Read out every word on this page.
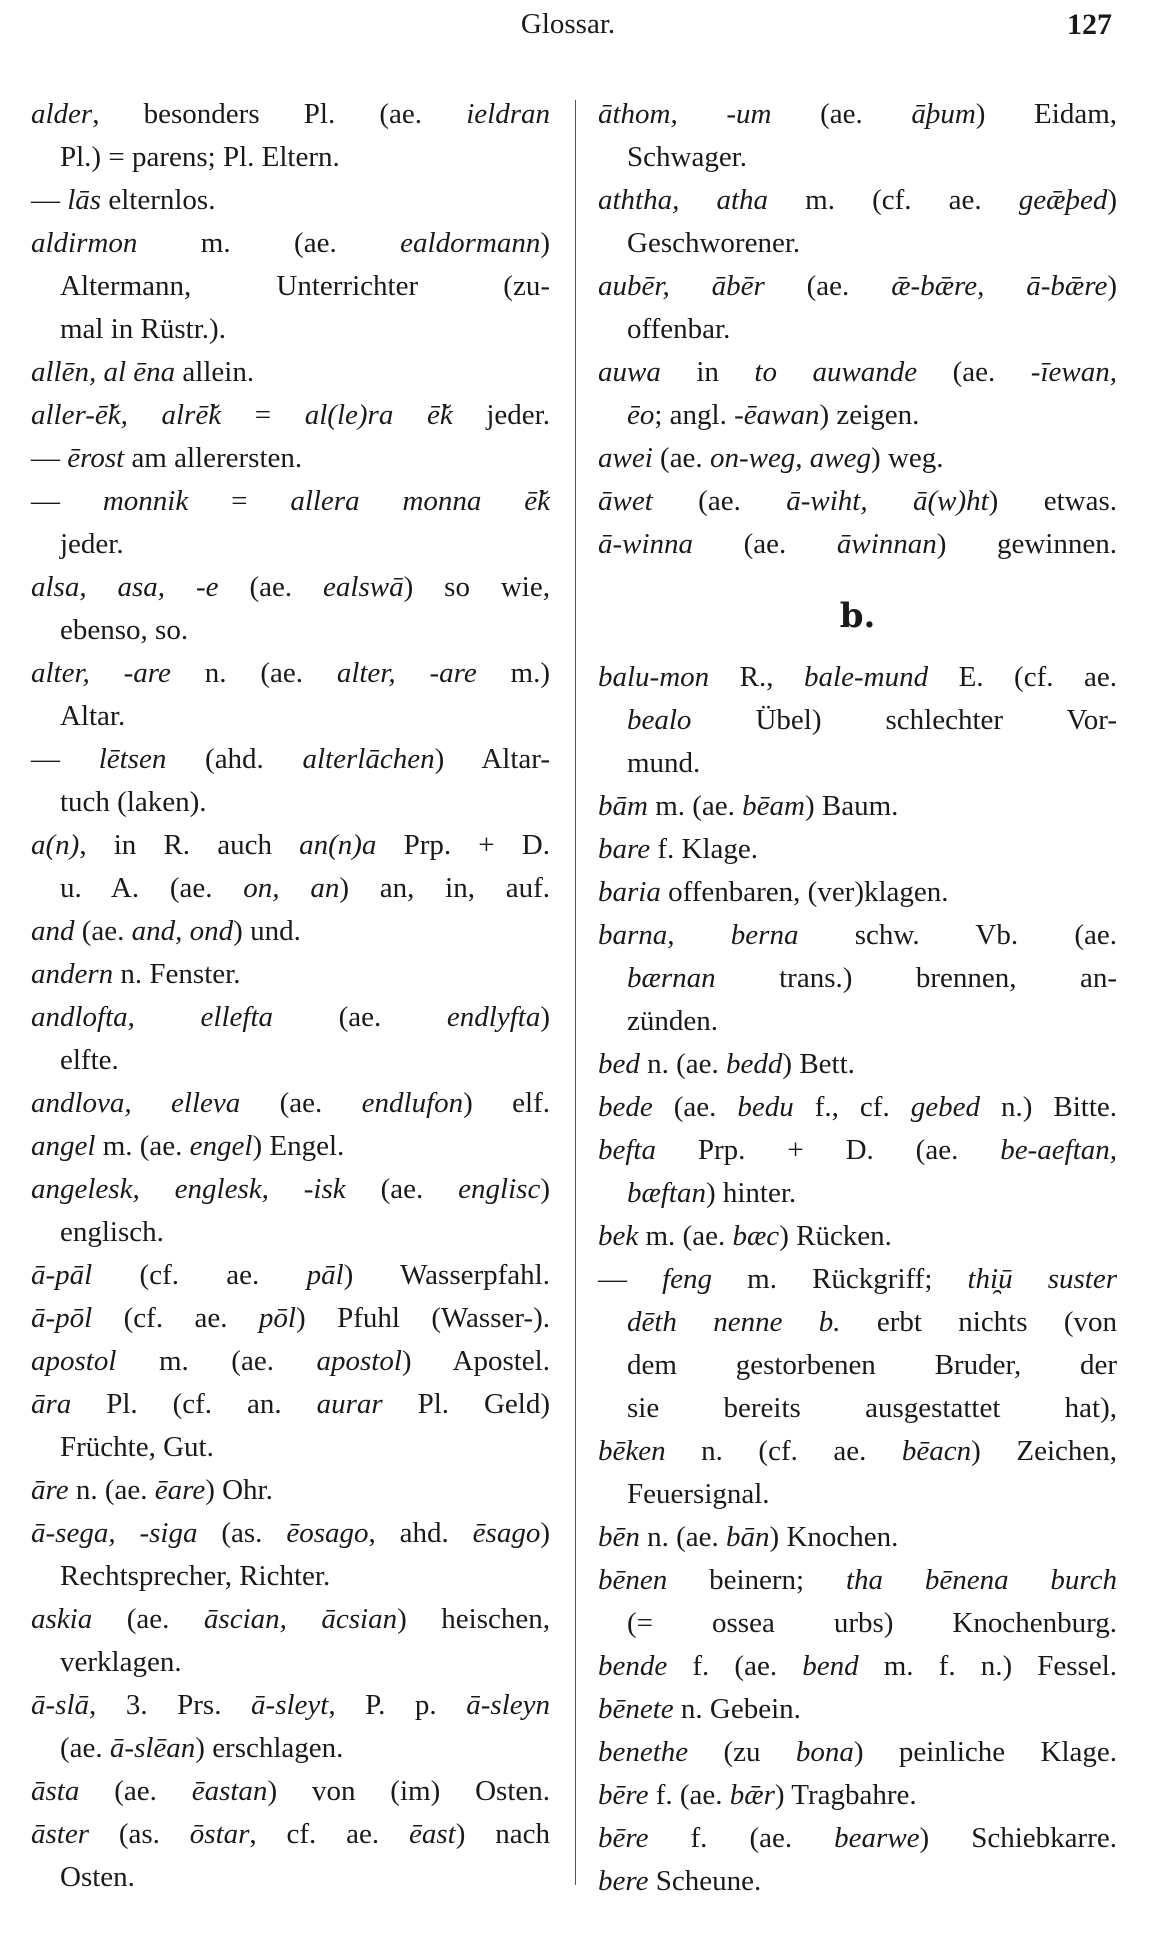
Glossar.	127
alder, besonders Pl. (ae. ieldran
Pl.) = parens; Pl. Eltern.
— lās elternlos.
aldirmon m. (ae. ealdormann)
Altermann, Unterrichter (zu-
mal in Rüstr.).
allēn, al ēna allein.
aller-ē̆k, alrē̆k = al(le)ra ē̆k jeder.
— ērost am allerersten.
— monnik = allera monna ē̆k
jeder.
alsa, asa, -e (ae. ealswā) so wie,
ebenso, so.
alter, -are n. (ae. alter, -are m.)
Altar.
— lētsen (ahd. alterlāchen) Altar-
tuch (laken).
a(n), in R. auch an(n)a Prp. + D.
u. A. (ae. on, an) an, in, auf.
and (ae. and, ond) und.
andern n. Fenster.
andlofta, ellefta (ae. endlyfta)
elfte.
andlova, elleva (ae. endlufon) elf.
angel m. (ae. engel) Engel.
angelesk, englesk, -isk (ae. englisc)
englisch.
ā-pāl (cf. ae. pāl) Wasserpfahl.
ā-pōl (cf. ae. pōl) Pfuhl (Wasser-).
apostol m. (ae. apostol) Apostel.
āra Pl. (cf. an. aurar Pl. Geld)
Früchte, Gut.
āre n. (ae. ēare) Ohr.
ā-sega, -siga (as. ēosago, ahd. ēsago)
Rechtsprecher, Richter.
askia (ae. āscian, ācsian) heischen,
verklagen.
ā-slā, 3. Prs. ā-sleyt, P. p. ā-sleyn
(ae. ā-slēan) erschlagen.
āsta (ae. ēastan) von (im) Osten.
āster (as. ōstar, cf. ae. ēast) nach
Osten.
āthom, -um (ae. āþum) Eidam,
Schwager.
aththa, atha m. (cf. ae. geǣþed)
Geschworener.
aubēr, ābēr (ae. ǣ-bǣre, ā-bǣre)
offenbar.
auwa in to auwande (ae. -īewan,
ēo; angl. -ēawan) zeigen.
awei (ae. on-weg, aweg) weg.
āwet (ae. ā-wiht, ā(w)ht) etwas.
ā-winna (ae. āwinnan) gewinnen.
b.
balu-mon R., bale-mund E. (cf. ae.
bealo Übel) schlechter Vor-
mund.
bām m. (ae. bēam) Baum.
bare f. Klage.
baria offenbaren, (ver)klagen.
barna, berna schw. Vb. (ae.
bærnan trans.) brennen, an-
zünden.
bed n. (ae. bedd) Bett.
bede (ae. bedu f., cf. gebed n.) Bitte.
befta Prp. + D. (ae. be-aeftan,
bæftan) hinter.
bek m. (ae. bæc) Rücken.
— feng m. Rückgriff; thi̯ū suster
dēth nenne b. erbt nichts (von
dem gestorbenen Bruder, der
sie bereits ausgestattet hat),
bēken n. (cf. ae. bēacn) Zeichen,
Feuersignal.
bēn n. (ae. bān) Knochen.
bēnen beinern; tha bēnena burch
(= ossea urbs) Knochenburg.
bende f. (ae. bend m. f. n.) Fessel.
bēnete n. Gebein.
benethe (zu bona) peinliche Klage.
bēre f. (ae. bǣr) Tragbahre.
bēre f. (ae. bearwe) Schiebkarre.
bere Scheune.
